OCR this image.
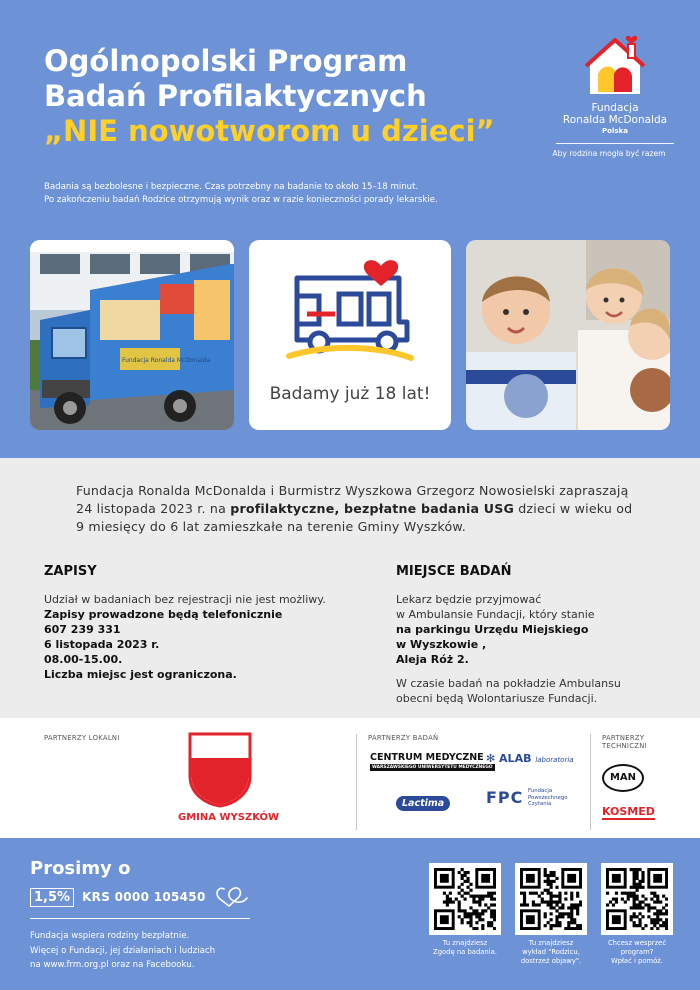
Ogólnopolski Program
Badań Profilaktycznych
„NIE nowotworom u dzieci”
Badania są bezbolesne i bezpieczne. Czas potrzebny na badanie to około 15–18 minut.
Po zakończeniu badań Rodzice otrzymują wynik oraz w razie konieczności porady lekarskie.
Fundacja
Ronalda McDonalda
Polska
Aby rodzina mogła być razem
Fundacja Ronalda McDonalda
Badamy już 18 lat!

Fundacja Ronalda McDonalda i Burmistrz Wyszkowa Grzegorz Nowosielski zapraszają 24 listopada 2023 r. na profilaktyczne, bezpłatne badania USG dzieci w wieku od 9 miesięcy do 6 lat zamieszkałe na terenie Gminy Wyszków.

ZAPISY
Udział w badaniach bez rejestracji nie jest możliwy.
Zapisy prowadzone będą telefonicznie
607 239 331
6 listopada 2023 r.
08.00-15.00.
Liczba miejsc jest ograniczona.
MIEJSCE BADAŃ
Lekarz będzie przyjmować
w Ambulansie Fundacji, który stanie
na parkingu Urzędu Miejskiego
w Wyszkowie ,
Aleja Róż 2.
W czasie badań na pokładzie Ambulansu
obecni będą Wolontariusze Fundacji.
PARTNERZY LOKALNI
GMINA WYSZKÓW
PARTNERZY BADAŃ
CENTRUM MEDYCZNE
WARSZAWSKIEGO UNIWERSYTETU MEDYCZNEGO
✻ ALAB laboratoria
Lactima	FPC Fundacja Powszechnego Czytania
PARTNERZY
TECHNICZNI
MAN
KOSMED
Prosimy o
1,5%	KRS 0000 105450
Fundacja wspiera rodziny bezpłatnie.
Więcej o Fundacji, jej działaniach i ludziach
na www.frm.org.pl oraz na Facebooku.
Tu znajdziesz
Zgodę na badania.
Tu znajdziesz
wykład "Rodzicu,
dostrzeż objawy".
Chcesz wesprzeć
program?
Wpłać i pomóż.
